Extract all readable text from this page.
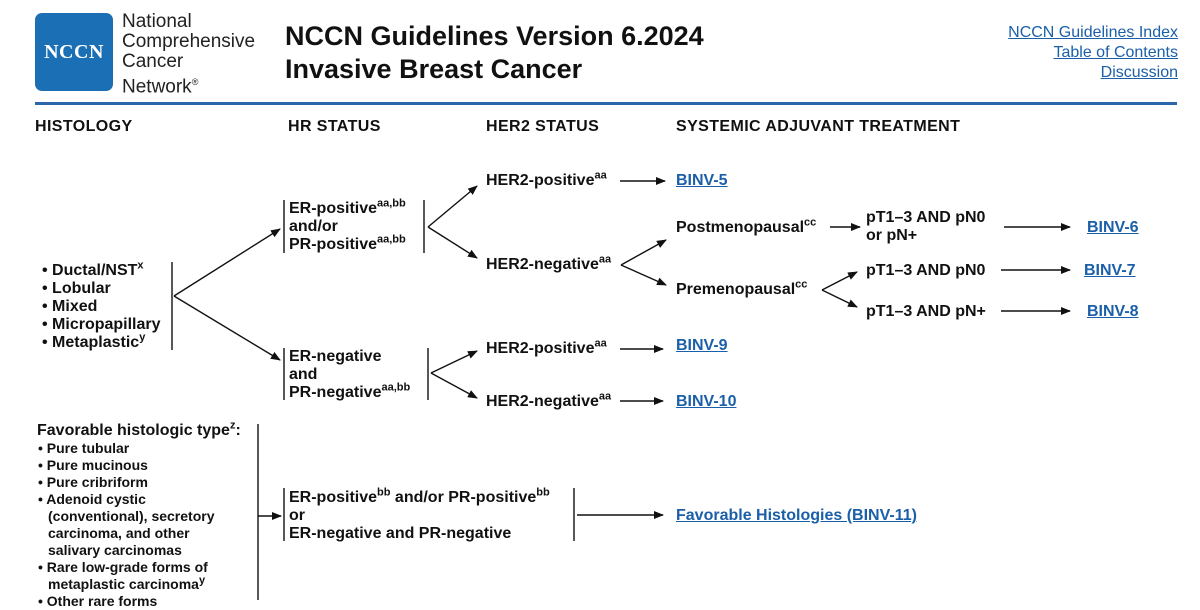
NCCN
National
Comprehensive
Cancer
Network®
NCCN Guidelines Version 6.2024
Invasive Breast Cancer
NCCN Guidelines Index
Table of Contents
Discussion
HISTOLOGY	HR STATUS	HER2 STATUS	SYSTEMIC ADJUVANT TREATMENT
• Ductal/NST$^x$
• Lobular
• Mixed
• Micropapillary
• Metaplastic$^y$
ER-positive$^{aa,bb}$
and/or
PR-positive$^{aa,bb}$
ER-negative
and
PR-negative$^{aa,bb}$
HER2-positive$^{aa}$
HER2-negative$^{aa}$
HER2-positive$^{aa}$
HER2-negative$^{aa}$
Postmenopausal$^{cc}$
Premenopausal$^{cc}$
pT1–3 AND pN0
or pN+
pT1–3 AND pN0
pT1–3 AND pN+
BINV-5
BINV-6
BINV-7
BINV-8
BINV-9
BINV-10
Favorable Histologies (BINV-11)
Favorable histologic type$^z$:
• Pure tubular
• Pure mucinous
• Pure cribriform
• Adenoid cystic
(conventional), secretory
carcinoma, and other
salivary carcinomas
• Rare low-grade forms of
metaplastic carcinoma$^y$
• Other rare forms
ER-positive$^{bb}$ and/or PR-positive$^{bb}$
or
ER-negative and PR-negative
